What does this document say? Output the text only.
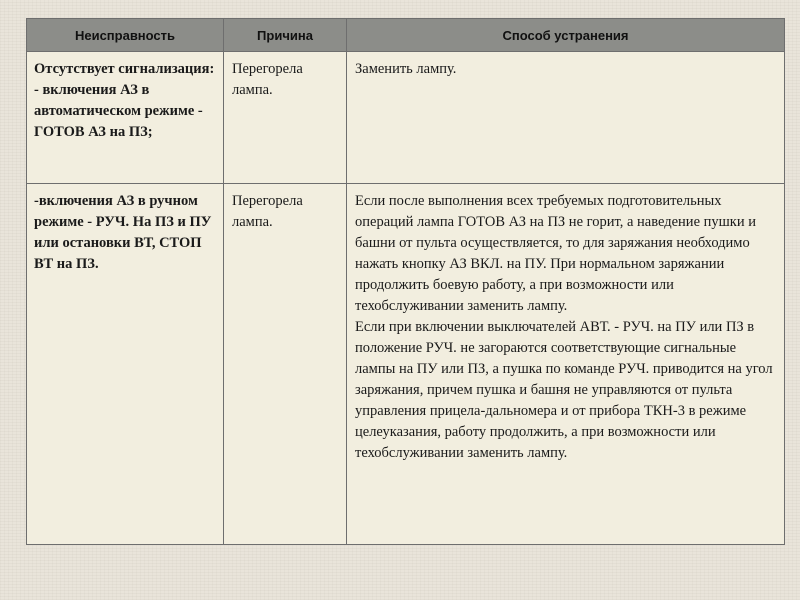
Неисправность	Причина	Способ устранения
Отсутствует сигнализация: - включения АЗ в автоматическом режиме - ГОТОВ АЗ на ПЗ;	Перегорела лампа.	Заменить лампу.

-включения АЗ в ручном режиме - РУЧ. На ПЗ и ПУ или остановки ВТ, СТОП ВТ на ПЗ.	Перегорела лампа.	Если после выполнения всех требуемых подготовительных операций лампа ГОТОВ АЗ на ПЗ не горит, а наведение пушки и башни от пульта осуществляется, то для заряжания необходимо нажать кнопку АЗ ВКЛ. на ПУ. При нормальном заряжании продолжить боевую работу, а при возможности или техобслуживании заменить лампу.
Если при включении выключателей АВТ. - РУЧ. на ПУ или ПЗ в положение РУЧ. не загораются соответствующие сигнальные лампы на ПУ или ПЗ, а пушка по команде РУЧ. приводится на угол заряжания, причем пушка и башня не управляются от пульта управления прицела-дальномера и от прибора ТКН-3 в режиме целеуказания, работу продолжить, а при возможности или техобслуживании заменить лампу.
